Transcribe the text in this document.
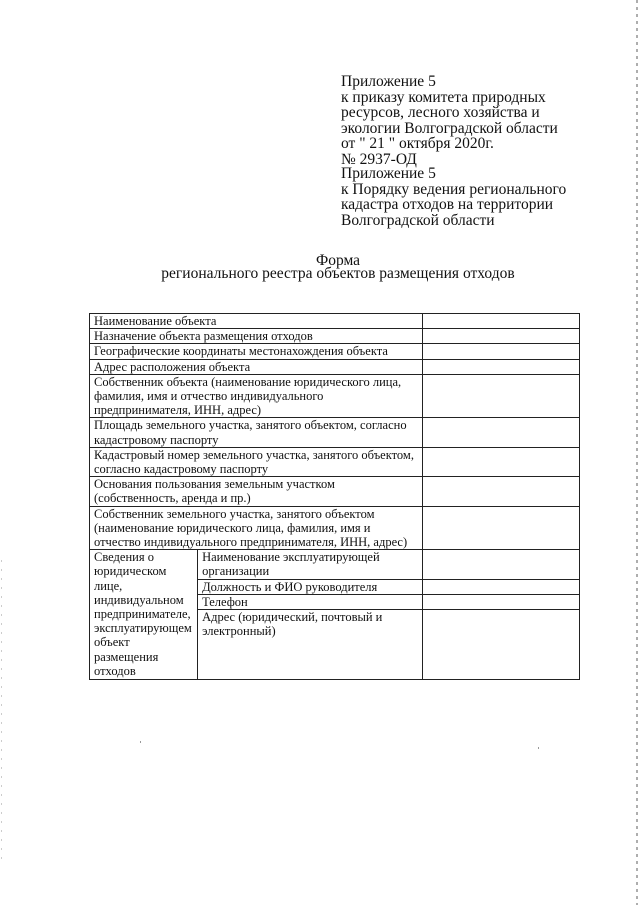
Приложение 5
к приказу комитета природных
ресурсов, лесного хозяйства и
экологии Волгоградской области
от " 21 " октября 2020г.
№ 2937-ОД
Приложение 5
к Порядку ведения регионального
кадастра отходов на территории
Волгоградской области
Форма
регионального реестра объектов размещения отходов
Наименование объекта		
Назначение объекта размещения отходов		
Географические координаты местонахождения объекта		
Адрес расположения объекта		
Собственник объекта (наименование юридического лица, фамилия, имя и отчество индивидуального предпринимателя, ИНН, адрес)		
Площадь земельного участка, занятого объектом, согласно кадастровому паспорту		
Кадастровый номер земельного участка, занятого объектом, согласно кадастровому паспорту		
Основания пользования земельным участком (собственность, аренда и пр.)		
Собственник земельного участка, занятого объектом (наименование юридического лица, фамилия, имя и отчество индивидуального предпринимателя, ИНН, адрес)		
Сведения о юридическом лице, индивидуальном предпринимателе, эксплуатирующем объект размещения отходов	Наименование эксплуатирующей организации	
	Должность и ФИО руководителя	
	Телефон	
	Адрес (юридический, почтовый и электронный)	
